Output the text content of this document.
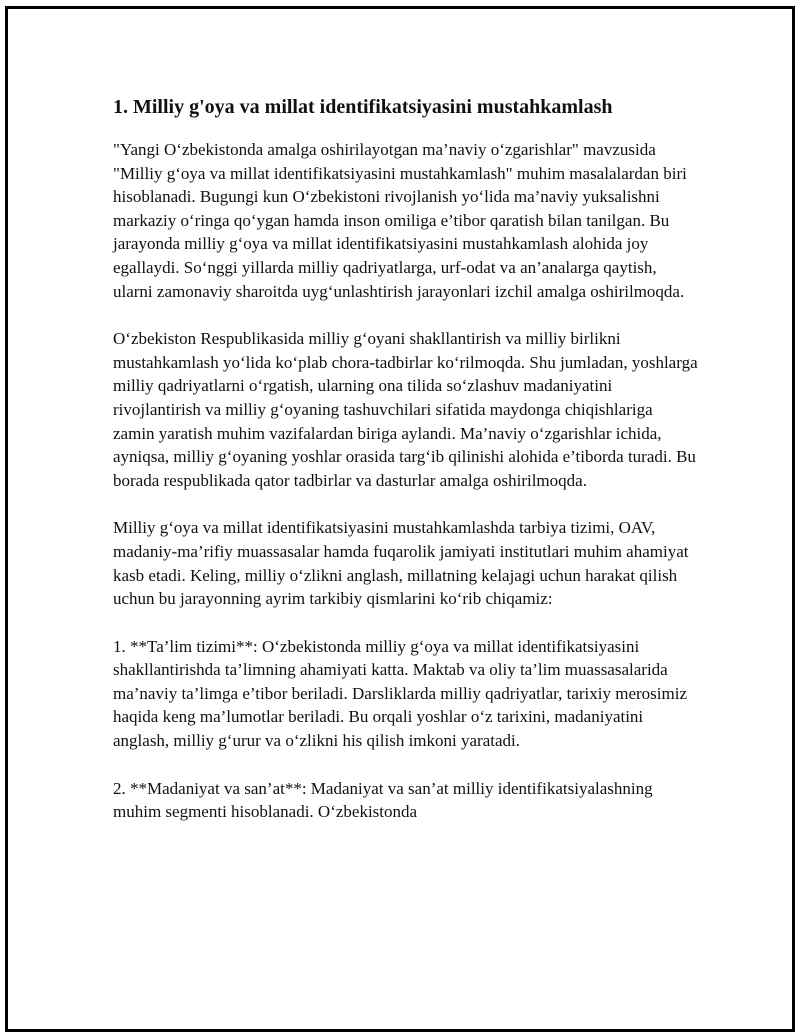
1. Milliy g'oya va millat identifikatsiyasini mustahkamlash

"Yangi O‘zbekistonda amalga oshirilayotgan ma’naviy o‘zgarishlar" mavzusida "Milliy g‘oya va millat identifikatsiyasini mustahkamlash" muhim masalalardan biri hisoblanadi. Bugungi kun O‘zbekistoni rivojlanish yo‘lida ma’naviy yuksalishni markaziy o‘ringa qo‘ygan hamda inson omiliga e’tibor qaratish bilan tanilgan. Bu jarayonda milliy g‘oya va millat identifikatsiyasini mustahkamlash alohida joy egallaydi. So‘nggi yillarda milliy qadriyatlarga, urf-odat va an’analarga qaytish, ularni zamonaviy sharoitda uyg‘unlashtirish jarayonlari izchil amalga oshirilmoqda.

O‘zbekiston Respublikasida milliy g‘oyani shakllantirish va milliy birlikni mustahkamlash yo‘lida ko‘plab chora-tadbirlar ko‘rilmoqda. Shu jumladan, yoshlarga milliy qadriyatlarni o‘rgatish, ularning ona tilida so‘zlashuv madaniyatini rivojlantirish va milliy g‘oyaning tashuvchilari sifatida maydonga chiqishlariga zamin yaratish muhim vazifalardan biriga aylandi. Ma’naviy o‘zgarishlar ichida, ayniqsa, milliy g‘oyaning yoshlar orasida targ‘ib qilinishi alohida e’tiborda turadi. Bu borada respublikada qator tadbirlar va dasturlar amalga oshirilmoqda.

Milliy g‘oya va millat identifikatsiyasini mustahkamlashda tarbiya tizimi, OAV, madaniy-ma’rifiy muassasalar hamda fuqarolik jamiyati institutlari muhim ahamiyat kasb etadi. Keling, milliy o‘zlikni anglash, millatning kelajagi uchun harakat qilish uchun bu jarayonning ayrim tarkibiy qismlarini ko‘rib chiqamiz:

1. **Ta’lim tizimi**: O‘zbekistonda milliy g‘oya va millat identifikatsiyasini shakllantirishda ta’limning ahamiyati katta. Maktab va oliy ta’lim muassasalarida ma’naviy ta’limga e’tibor beriladi. Darsliklarda milliy qadriyatlar, tarixiy merosimiz haqida keng ma’lumotlar beriladi. Bu orqali yoshlar o‘z tarixini, madaniyatini anglash, milliy g‘urur va o‘zlikni his qilish imkoni yaratadi.

2. **Madaniyat va san’at**: Madaniyat va san’at milliy identifikatsiyalashning muhim segmenti hisoblanadi. O‘zbekistonda
